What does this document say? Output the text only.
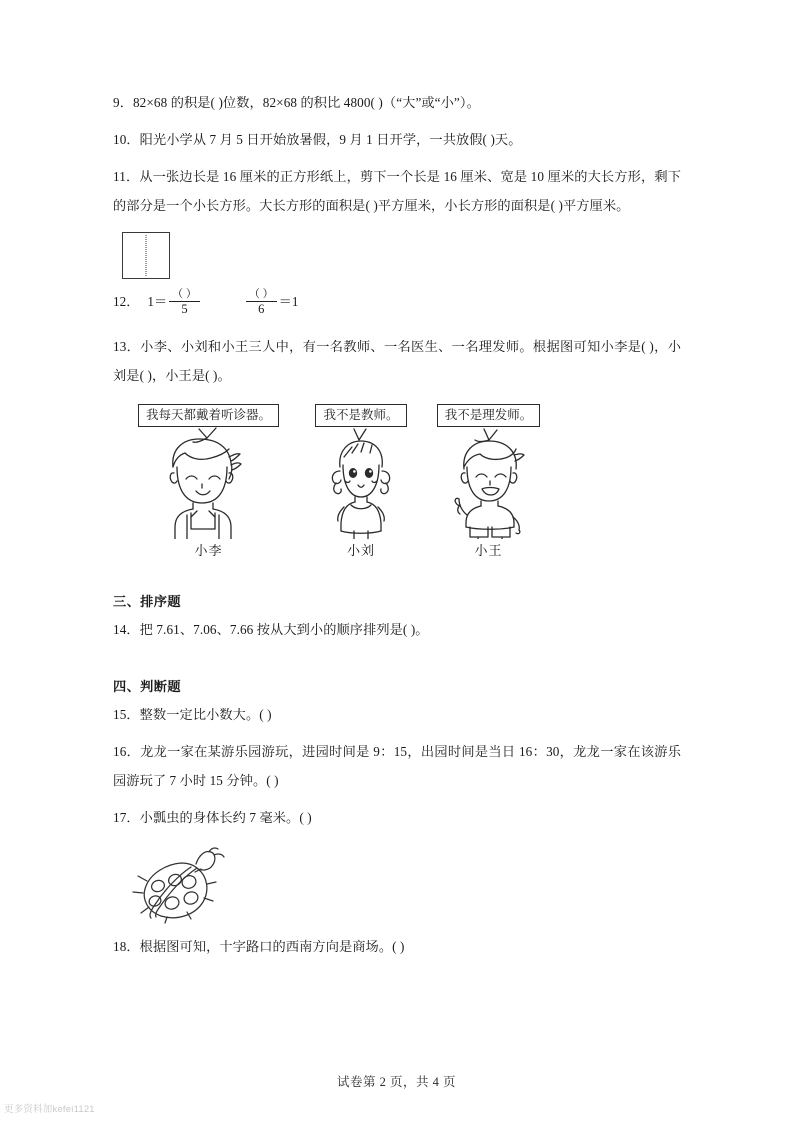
9．82×68 的积是( )位数，82×68 的积比 4800( )（“大”或“小”）。

10．阳光小学从 7 月 5 日开始放暑假，9 月 1 日开学，一共放假( )天。

11．从一张边长是 16 厘米的正方形纸上，剪下一个长是 16 厘米、宽是 10 厘米的大长方形，剩下的部分是一个小长方形。大长方形的面积是( )平方厘米，小长方形的面积是( )平方厘米。

12． $1= \frac{( )}{5}$	$\frac{( )}{6} =1$

13．小李、小刘和小王三人中，有一名教师、一名医生、一名理发师。根据图可知小李是( )，小刘是( )，小王是( )。

我每天都戴着听诊器。
小李
我不是教师。
小刘
我不是理发师。
小王

三、排序题

14．把 7.61、7.06、7.66 按从大到小的顺序排列是( )。

四、判断题

15．整数一定比小数大。( )

16．龙龙一家在某游乐园游玩，进园时间是 9：15，出园时间是当日 16：30，龙龙一家在该游乐园游玩了 7 小时 15 分钟。( )

17．小瓢虫的身体长约 7 毫米。( )

18．根据图可知，十字路口的西南方向是商场。( )

试卷第 2 页，共 4 页
更多资料加kefei1121
